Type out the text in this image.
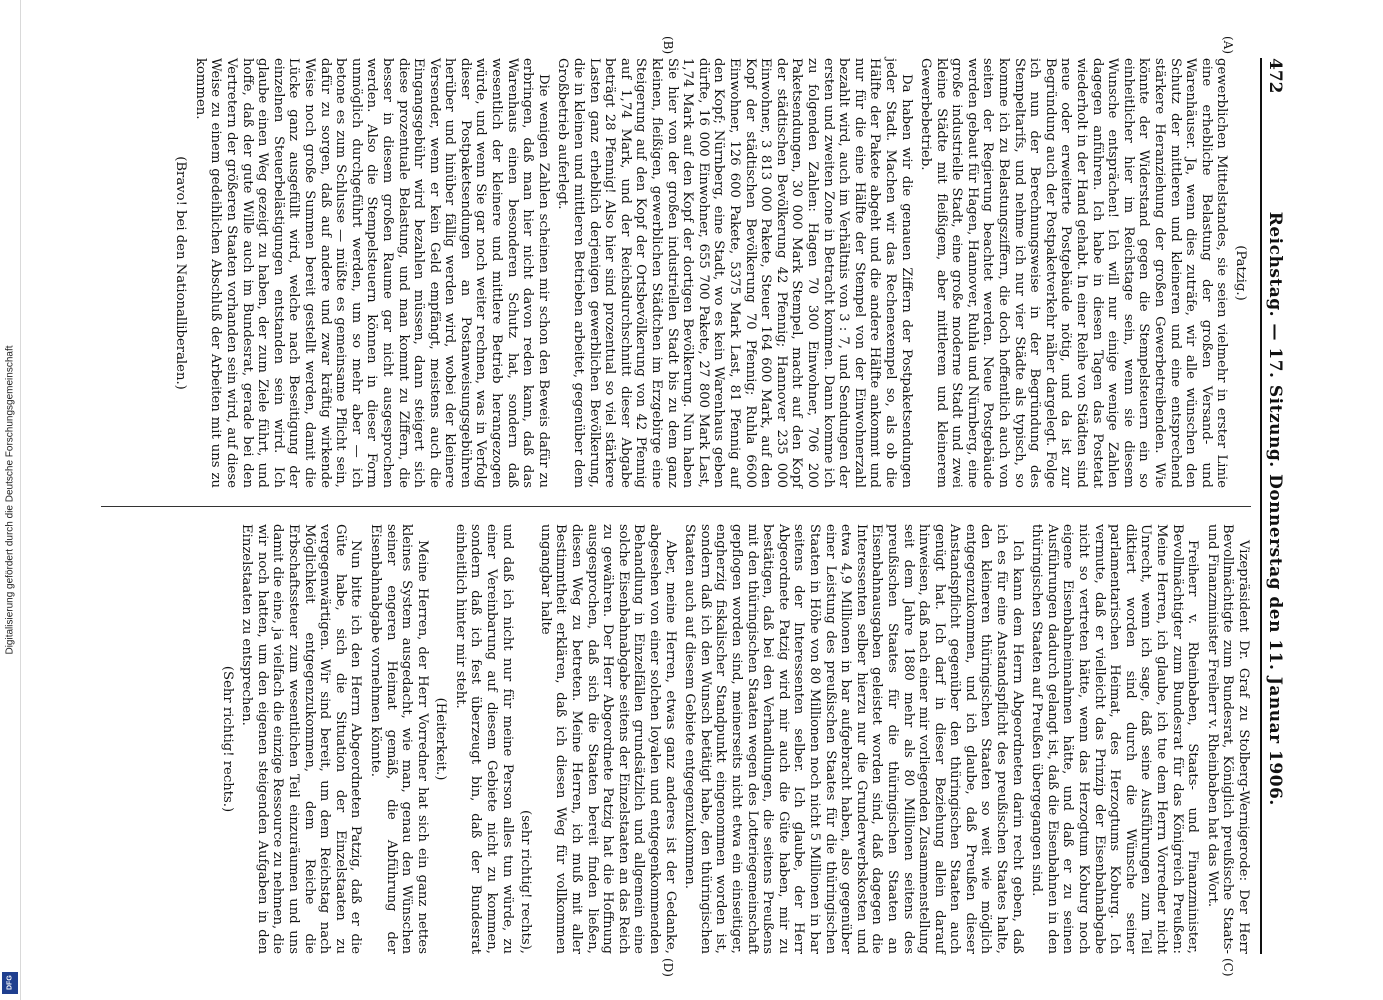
Digitalisierung gefördert durch die Deutsche Forschungsgemeinschaft
DFG
472
Reichstag. — 17. Sitzung. Donnerstag den 11. Januar 1906.
(A)
(B)
(C)
(D)
(Patzig.)

gewerblichen Mittelstandes, sie seien vielmehr in erster Linie eine erhebliche Belastung der großen Versand- und Warenhäuser. Ja, wenn dies zuträfe, wir alle wünschen den Schutz der mittleren und kleineren und eine entsprechend stärkere Heranziehung der großen Gewerbetreibenden. Wie könnte der Widerstand gegen die Stempelsteuern ein so einheitlicher hier im Reichstage sein, wenn sie diesem Wunsche entsprächen! Ich will nur einige wenige Zahlen dagegen anführen. Ich habe in diesen Tagen das Postetat wiederholt in der Hand gehabt. In einer Reihe von Städten sind neue oder erweiterte Postgebäude nötig, und da ist zur Begründung auch der Postpaketverkehr näher dargelegt. Folge ich nun der Berechnungsweise in der Begründung des Stempeltarifs, und nehme ich nur vier Städte als typisch, so komme ich zu Belastungsziffern, die doch hoffentlich auch von seiten der Regierung beachtet werden. Neue Postgebäude werden gebaut für Hagen, Hannover, Ruhla und Nürnberg, eine große industrielle Stadt, eine große moderne Stadt und zwei kleine Städte mit fleißigem, aber mittlerem und kleinerem Gewerbebetrieb.

Da haben wir die genauen Ziffern der Postpaketsendungen jeder Stadt. Machen wir das Rechenexempel so, als ob die Hälfte der Pakete abgeht und die andere Hälfte ankommt und nur für die eine Hälfte der Stempel von der Einwohnerzahl bezahlt wird, auch im Verhältnis von 3 : 7, und Sendungen der ersten und zweiten Zone in Betracht kommen. Dann komme ich zu folgenden Zahlen: Hagen 70 300 Einwohner, 706 200 Paketsendungen, 30 000 Mark Stempel, macht auf den Kopf der städtischen Bevölkerung 42 Pfennig; Hannover 235 000 Einwohner, 3 813 000 Pakete, Steuer 164 600 Mark, auf den Kopf der städtischen Bevölkerung 70 Pfennig; Ruhla 6600 Einwohner, 126 600 Pakete, 5375 Mark Last, 81 Pfennig auf den Kopf; Nürnberg, eine Stadt, wo es kein Warenhaus geben dürfte, 16 000 Einwohner, 655 700 Pakete, 27 800 Mark Last, 1,74 Mark auf den Kopf der dortigen Bevölkerung. Nun haben Sie hier von der großen industriellen Stadt bis zu dem ganz kleinen, fleißigen, gewerblichen Städtchen im Erzgebirge eine Steigerung auf den Kopf der Ortsbevölkerung von 42 Pfennig auf 1,74 Mark, und der Reichsdurchschnitt dieser Abgabe beträgt 28 Pfennig! Also hier sind prozentual so viel stärkere Lasten ganz erheblich derjenigen gewerblichen Bevölkerung, die in kleinen und mittleren Betrieben arbeitet, gegenüber dem Großbetrieb auferlegt.

Die wenigen Zahlen scheinen mir schon den Beweis dafür zu erbringen, daß man hier nicht davon reden kann, daß das Warenhaus einen besonderen Schutz hat, sondern daß wesentlich der kleinere und mittlere Betrieb herangezogen würde, und wenn Sie gar noch weiter rechnen, was in Verfolg dieser Postpaketsendungen an Postanweisungsgebühren herüber und hinüber fällig werden wird, wobei der kleinere Versender, wenn er kein Geld empfängt, meistens auch die Eingangsgebühr wird bezahlen müssen, dann steigert sich diese prozentuale Belastung, und man kommt zu Ziffern, die besser in diesem großen Raume gar nicht ausgesprochen werden. Also die Stempelsteuern können in dieser Form unmöglich durchgeführt werden, um so mehr aber — ich betone es zum Schlusse — müßte es gemeinsame Pflicht sein, dafür zu sorgen, daß auf andere und zwar kräftig wirkende Weise noch große Summen bereit gestellt werden, damit die Lücke ganz ausgefüllt wird, welche nach Beseitigung der einzelnen Steuerbelästigungen entstanden sein wird. Ich glaube einen Weg gezeigt zu haben, der zum Ziele führt, und hoffe, daß der gute Wille auch im Bundesrat, gerade bei den Vertretern der größeren Staaten vorhanden sein wird, auf diese Weise zu einem gedeihlichen Abschluß der Arbeiten mit uns zu kommen.

(Bravo! bei den Nationalliberalen.)

Vizepräsident Dr. Graf zu Stolberg-Wernigerode: Der Herr Bevollmächtigte zum Bundesrat, Königlich preußische Staats- und Finanzminister Freiherr v. Rheinbaben hat das Wort.

Freiherr v. Rheinbaben, Staats- und Finanzminister, Bevollmächtigter zum Bundesrat für das Königreich Preußen: Meine Herren, ich glaube, ich tue dem Herrn Vorredner nicht Unrecht, wenn ich sage, daß seine Ausführungen zum Teil diktiert worden sind durch die Wünsche seiner parlamentarischen Heimat, des Herzogtums Koburg. Ich vermute, daß er vielleicht das Prinzip der Eisenbahnabgabe nicht so vertreten hätte, wenn das Herzogtum Koburg noch eigene Eisenbahneinnahmen hätte, und daß er zu seinen Ausführungen dadurch gelangt ist, daß die Eisenbahnen in den thüringischen Staaten auf Preußen übergegangen sind.

Ich kann dem Herrn Abgeordneten darin recht geben, daß ich es für eine Anstandspflicht des preußischen Staates halte, den kleineren thüringischen Staaten so weit wie möglich entgegenzukommen, und ich glaube, daß Preußen dieser Anstandspflicht gegenüber den thüringischen Staaten auch genügt hat. Ich darf in dieser Beziehung allein darauf hinweisen, daß nach einer mir vorliegenden Zusammenstellung seit dem Jahre 1880 mehr als 80 Millionen seitens des preußischen Staates für die thüringischen Staaten an Eisenbahnausgaben geleistet worden sind, daß dagegen die Interessenten selber hierzu nur die Grunderwerbskosten und etwa 4,9 Millionen in bar aufgebracht haben, also gegenüber einer Leistung des preußischen Staates für die thüringischen Staaten in Höhe von 80 Millionen noch nicht 5 Millionen in bar seitens der Interessenten selber. Ich glaube, der Herr Abgeordnete Patzig wird mir auch die Güte haben, mir zu bestätigen, daß bei den Verhandlungen, die seitens Preußens mit den thüringischen Staaten wegen des Lotteriegemeinschaft gepflogen worden sind, meinerseits nicht etwa ein einseitiger, engherzig fiskalischer Standpunkt eingenommen worden ist, sondern daß ich den Wunsch betätigt habe, den thüringischen Staaten auch auf diesem Gebiete entgegenzukommen.

Aber, meine Herren, etwas ganz anderes ist der Gedanke, abgesehen von einer solchen loyalen und entgegenkommenden Behandlung in Einzelfällen grundsätzlich und allgemein eine solche Eisenbahnabgabe seitens der Einzelstaaten an das Reich zu gewähren. Der Herr Abgeordnete Patzig hat die Hoffnung ausgesprochen, daß sich die Staaten bereit finden ließen, diesen Weg zu betreten. Meine Herren, ich muß mit aller Bestimmtheit erklären, daß ich diesen Weg für vollkommen ungangbar halte

(sehr richtig! rechts),

und daß ich nicht nur für meine Person alles tun würde, zu einer Vereinbarung auf diesem Gebiete nicht zu kommen, sondern daß ich fest überzeugt bin, daß der Bundesrat einheitlich hinter mir steht.

(Heiterkeit.)

Meine Herren, der Herr Vorredner hat sich ein ganz nettes kleines System ausgedacht, wie man, genau den Wünschen seiner engeren Heimat gemäß, die Abführung der Eisenbahnabgabe vornehmen könnte.

Nun bitte ich den Herrn Abgeordneten Patzig, daß er die Güte habe, sich die Situation der Einzelstaaten zu vergegenwärtigen. Wir sind bereit, um dem Reichstag nach Möglichkeit entgegenzukommen, dem Reiche die Erbschaftssteuer zum wesentlichen Teil einzuräumen und uns damit die eine, ja vielfach die einzige Ressource zu nehmen, die wir noch hatten, um den eigenen steigenden Aufgaben in den Einzelstaaten zu entsprechen.

(Sehr richtig! rechts.)
